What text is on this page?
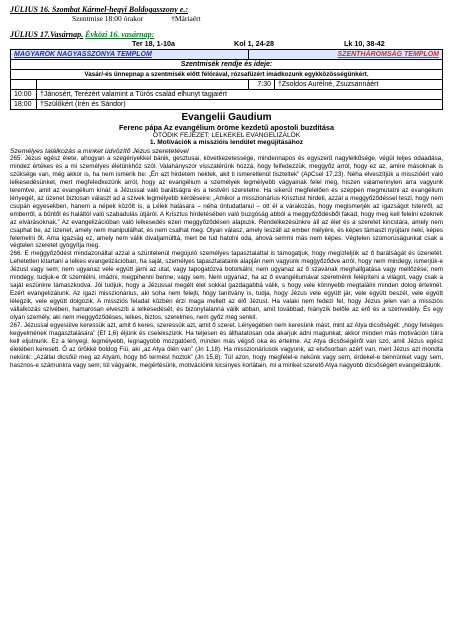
JÚLIUS 16. Szombat Kármel-hegyi Boldogasszony e.:
Szentmise 18:00 órakor	†Máriaért
JÚLIUS 17.Vasárnap. Évközi 16. vasárnap:
Ter 18, 1-10a	Kol 1, 24-28	Lk 10, 38-42
MAGYAROK NAGYASSZONYA TEMPLOM		SZENTHÁROMSÁG TEMPLOM	
Szentmisék rendje és ideje:			
Vasár/-és ünnepnap a szentmisék előtt félórával, rózsafüzért imádkozunk egykközösségünkért.			
		7:30	†Zsoldos Aurélné, Zsuzsannáért
10:00	†Jánosért, Terézért valamint a Túrós család elhunyt tagjaiért		
18:00	†Szülőkért (Irén és Sándor)		
Evangelii Gaudium
Ferenc pápa Az evangélium öröme kezdetű apostoli buzdítása
ÖTÖDIK FEJEZET: LELKEKEL EVANGELIZÁLÓK
1. Motivációk a misszióis lendület megújításához
Személyes találkozás a minket üdvözítő Jézus szeretetével

265. Jézus egész élete, ahogyan a szegényekkel bánik, gesztusai, következetessége, mindennapos és egyszerű nagylelkűsége, végül teljes odaadása, mindez értékes és a mi személyes életünkhöz szól. Valahányszor visszatérünk hozzá, hogy felfedezzük, meggyőz arról, hogy ez az, amire másoknak is szüksége van, még akkor is, ha nem ismerik be: „Én azt hirdetem nektek, akit ti ismeretlenül tiszteltek” (ApCsel 17,23). Néha elveszítjük a misszióért való lelkesedésünket, mert megfeledkezünk arról, hogy az evangélium a személyek legmélyebb vágyainak felel meg, hiszen valamennyien arra vagyunk teremtve, amit az evangélium kínál: a Jézussal való barátságra és a testvéri szeretetre. Ha sikerül megfelelően és széppen megmutatni az evangélium lényegét, az üzenet biztosan választ ad a szívek legmélyebb kérdéseire: „Amikor a misszionárius Krisztust hirdeti, azzal a meggyőződéssel teszi, hogy nem csupán egyesekben, hanem a népek között is, a Lélek hatására – néha öntudatlanul – ott él a várakozás, hogy megismerjék az igazságot Istenről, az emberről, a bűntől és haláltól való szabadulás útjáról. A Krisztus hirdetésében való buzgóság abból a meggyőződésből fakad, hogy meg kell felelni ezeknek az elvárásoknak.” Az evangelizációban való lelkesedés ezen meggyőződésen alapszik. Rendelkezésünkre áll az élet és a szeretet kincstára, amely nem csaphat be, az üzenet, amely nem manipulálhat, és nem csalhat meg. Olyan válasz, amely leszáll az ember mélyére, és képes támaszt nyújtani neki, képes felemelni őt. Ama igazság ez, amely nem válik divatjamúlttá, mert be tud hatolni oda, ahová semmi más nem képes. Végtelen szomorúságunkat csak a végtelen szeretet gyógyítja meg.

266. E meggyőződést mindazonáltal azzal a szüntelenül megújuló személyes tapasztalattal is támogatjuk, hogy megízleljük az ő barátságát és üzenetét. Lehetetlen kitartani a lelkes evangelizációban, ha saját, személyes tapasztalataink alapján nem vagyunk meggyőződve arról, hogy nem mindegy, ismerjük-e Jézust vagy sem; nem ugyanaz vele együtt járni az utat, vagy tapogatózva botorkálni; nem ugyanaz az ő szavának meghallgatása vagy mellőzése; nem mindegy, tudjuk-e őt szemlélni, imádni, megpihenni benne, vagy sem. Nem ugyanaz, ha az ő evangéliumával szeretnénk felépíteni a világot, vagy csak a saját eszünkre támaszkodva. Jól tudjuk, hogy a Jézussal megélt élet sokkal gazdagabbá válik, s hogy vele könnyebb megtalálni minden dolog értelmét. Ezért evangelizálunk. Az igazi misszionárius, aki soha nem felejti, hogy tanítvány is, tudja, hogy Jézus vele együtt jár, vele együtt beszél, vele együtt lélegzik, vele együtt dolgozik. A missziós feladat közben érzi maga mellett az élő Jézust. Ha valaki nem fedezi fel, hogy Jézus jelen van a missziós vállalkozás szívében, hamarosan elveszíti a lelkesedését, és bizonytalanná válik abban, amit továbbad, hiányzik belőle az erő és a szenvedély. És egy olyan személy, aki nem meggyőződéses, lelkes, biztos, szerelmes, nem győz meg senkit.

267. Jézussal egyesülve keressük azt, amit ő keres, szeressük azt, amit ő szeret. Lényegében nem keresünk mást, mint az Atya dicsőségét: „hogy felséges kegyelmének magasztalására” (Ef 1,6) éljünk és cselekszünk. Ha teljesen és állhatatosan oda akarjuk adni magunkat, akkor minden más motiváción túlra kell eljutnunk. Ez a lényegi, legmélyebb, legnagyobb mozgatóerő, minden más végső oka és értelme. Az Atya dicsőségéről van szó, amit Jézus egész életében keresett. Ő az örökké boldog Fiú, aki „az Atya ölén van” (Jn 1,18). Ha misszionáriusok vagyunk, az elsősorban azért van, mert Jézus azt mondta nekünk: „Azáltal dicsőül meg az Atyám, hogy bő termést hoztok” (Jn 15,8). Túl azon, hogy megfelel-e nekünk vagy sem, érdekel-e bennünket vagy sem, hasznos-e számunkra vagy sem; túl vágyaink, megértésünk, motivációink kicsinyes korlátain, mi a minket szerető Atya nagyobb dicsőségért evangelizálunk.
